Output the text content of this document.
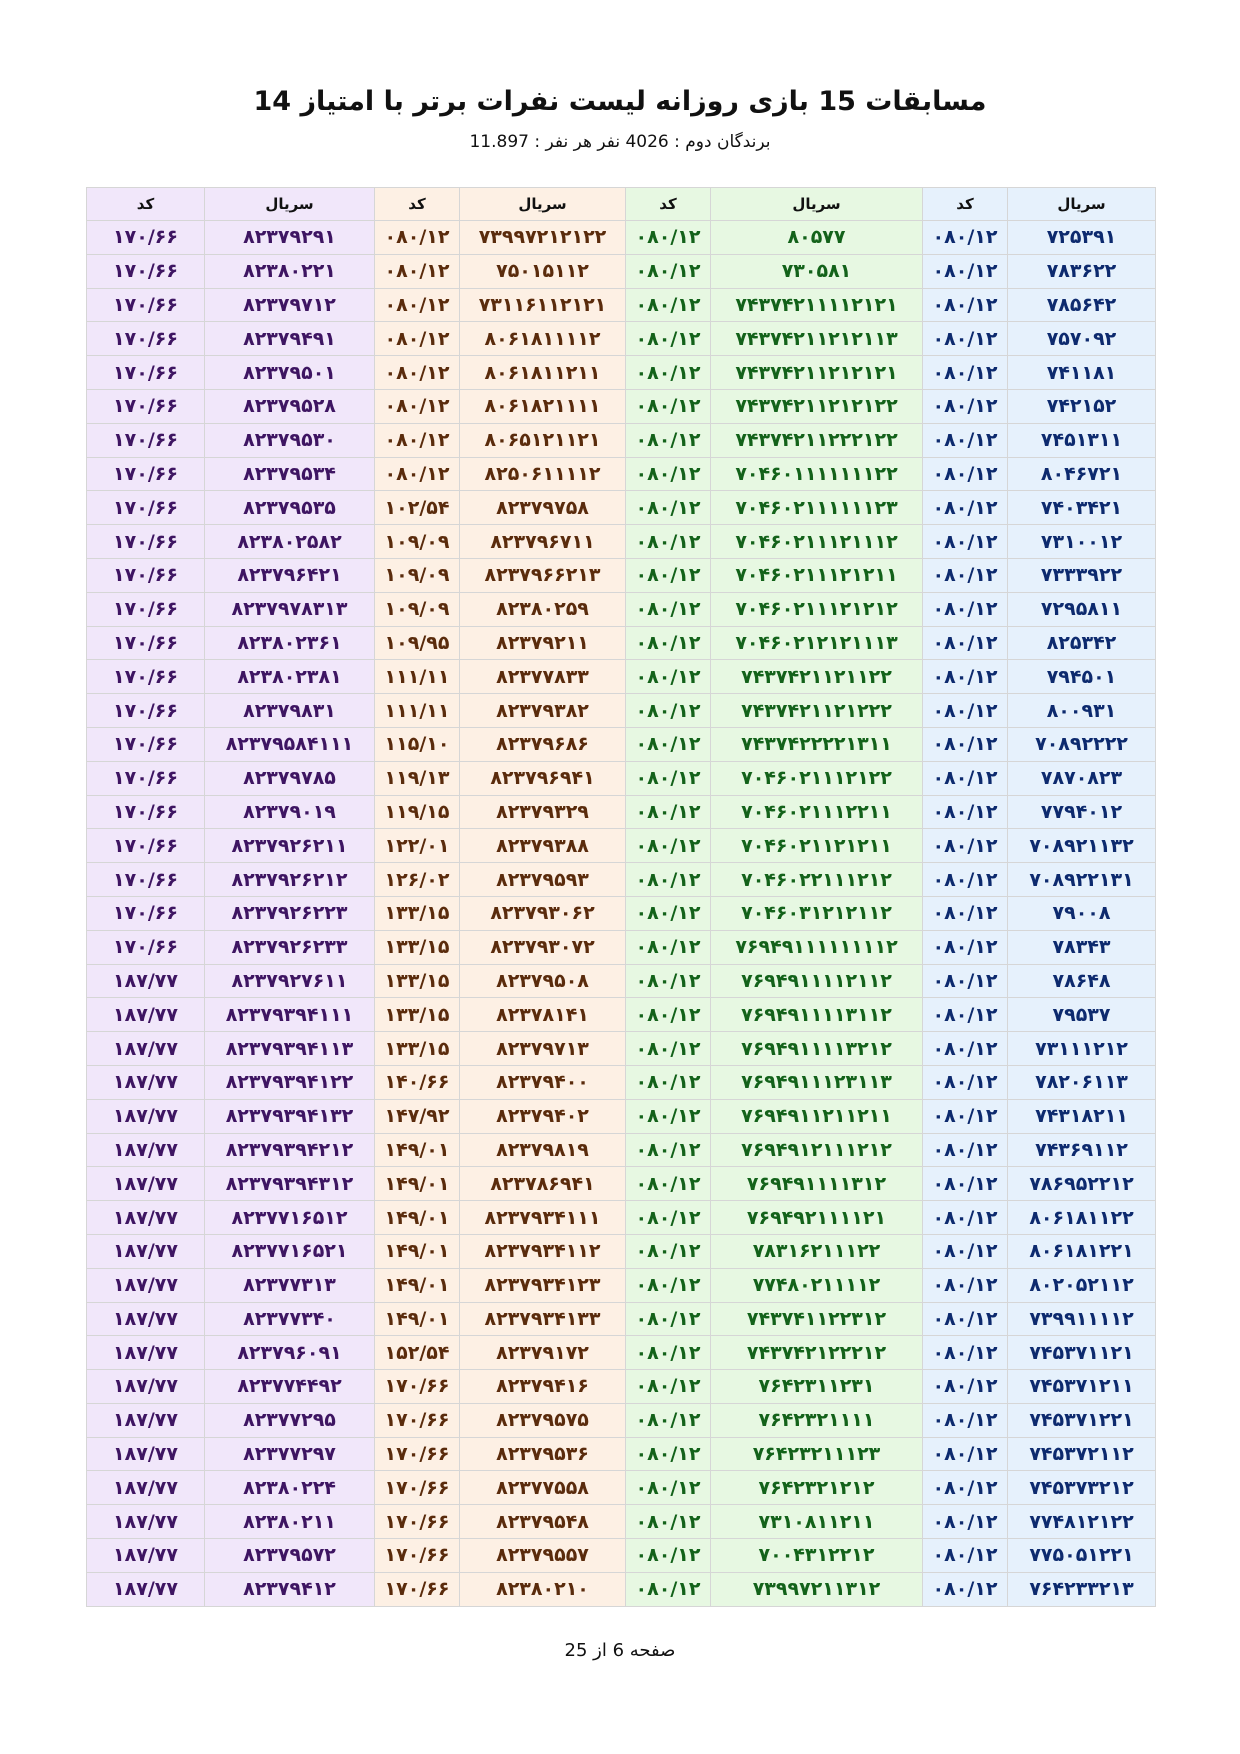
مسابقات 15 بازی روزانه لیست نفرات برتر با امتیاز 14
برندگان دوم : 4026 نفر هر نفر : 11.897
سریال	کد	سریال	کد	سریال	کد	سریال	کد
۷۲۵۳۹۱	۰۸۰/۱۲	۸۰۵۷۷	۰۸۰/۱۲	۷۳۹۹۷۲۱۲۱۲۲	۰۸۰/۱۲	۸۲۳۷۹۲۹۱	۱۷۰/۶۶
۷۸۳۶۲۲	۰۸۰/۱۲	۷۳۰۵۸۱	۰۸۰/۱۲	۷۵۰۱۵۱۱۲	۰۸۰/۱۲	۸۲۳۸۰۲۲۱	۱۷۰/۶۶
۷۸۵۶۴۲	۰۸۰/۱۲	۷۴۳۷۴۲۱۱۱۱۲۱۲۱	۰۸۰/۱۲	۷۳۱۱۶۱۱۲۱۲۱	۰۸۰/۱۲	۸۲۳۷۹۷۱۲	۱۷۰/۶۶
۷۵۷۰۹۲	۰۸۰/۱۲	۷۴۳۷۴۲۱۱۲۱۲۱۱۳	۰۸۰/۱۲	۸۰۶۱۸۱۱۱۱۲	۰۸۰/۱۲	۸۲۳۷۹۴۹۱	۱۷۰/۶۶
۷۴۱۱۸۱	۰۸۰/۱۲	۷۴۳۷۴۲۱۱۲۱۲۱۲۱	۰۸۰/۱۲	۸۰۶۱۸۱۱۲۱۱	۰۸۰/۱۲	۸۲۳۷۹۵۰۱	۱۷۰/۶۶
۷۴۲۱۵۲	۰۸۰/۱۲	۷۴۳۷۴۲۱۱۲۱۲۱۲۲	۰۸۰/۱۲	۸۰۶۱۸۲۱۱۱۱	۰۸۰/۱۲	۸۲۳۷۹۵۲۸	۱۷۰/۶۶
۷۴۵۱۳۱۱	۰۸۰/۱۲	۷۴۳۷۴۲۱۱۲۲۲۱۲۲	۰۸۰/۱۲	۸۰۶۵۱۲۱۱۲۱	۰۸۰/۱۲	۸۲۳۷۹۵۳۰	۱۷۰/۶۶
۸۰۴۶۷۲۱	۰۸۰/۱۲	۷۰۴۶۰۱۱۱۱۱۱۱۲۲	۰۸۰/۱۲	۸۲۵۰۶۱۱۱۱۲	۰۸۰/۱۲	۸۲۳۷۹۵۳۴	۱۷۰/۶۶
۷۴۰۳۴۲۱	۰۸۰/۱۲	۷۰۴۶۰۲۱۱۱۱۱۱۲۳	۰۸۰/۱۲	۸۲۳۷۹۷۵۸	۱۰۲/۵۴	۸۲۳۷۹۵۳۵	۱۷۰/۶۶
۷۳۱۰۰۱۲	۰۸۰/۱۲	۷۰۴۶۰۲۱۱۱۲۱۱۱۲	۰۸۰/۱۲	۸۲۳۷۹۶۷۱۱	۱۰۹/۰۹	۸۲۳۸۰۲۵۸۲	۱۷۰/۶۶
۷۳۳۳۹۲۲	۰۸۰/۱۲	۷۰۴۶۰۲۱۱۱۲۱۲۱۱	۰۸۰/۱۲	۸۲۳۷۹۶۶۲۱۳	۱۰۹/۰۹	۸۲۳۷۹۶۴۲۱	۱۷۰/۶۶
۷۲۹۵۸۱۱	۰۸۰/۱۲	۷۰۴۶۰۲۱۱۱۲۱۲۱۲	۰۸۰/۱۲	۸۲۳۸۰۲۵۹	۱۰۹/۰۹	۸۲۳۷۹۷۸۳۱۳	۱۷۰/۶۶
۸۲۵۳۴۲	۰۸۰/۱۲	۷۰۴۶۰۲۱۲۱۲۱۱۱۳	۰۸۰/۱۲	۸۲۳۷۹۲۱۱	۱۰۹/۹۵	۸۲۳۸۰۲۳۶۱	۱۷۰/۶۶
۷۹۴۵۰۱	۰۸۰/۱۲	۷۴۳۷۴۲۱۱۲۱۱۲۲	۰۸۰/۱۲	۸۲۳۷۷۸۳۳	۱۱۱/۱۱	۸۲۳۸۰۲۳۸۱	۱۷۰/۶۶
۸۰۰۹۳۱	۰۸۰/۱۲	۷۴۳۷۴۲۱۱۲۱۲۲۲	۰۸۰/۱۲	۸۲۳۷۹۳۸۲	۱۱۱/۱۱	۸۲۳۷۹۸۳۱	۱۷۰/۶۶
۷۰۸۹۲۲۲۲	۰۸۰/۱۲	۷۴۳۷۴۲۲۲۲۱۳۱۱	۰۸۰/۱۲	۸۲۳۷۹۶۸۶	۱۱۵/۱۰	۸۲۳۷۹۵۸۴۱۱۱	۱۷۰/۶۶
۷۸۷۰۸۲۳	۰۸۰/۱۲	۷۰۴۶۰۲۱۱۱۲۱۲۲	۰۸۰/۱۲	۸۲۳۷۹۶۹۴۱	۱۱۹/۱۳	۸۲۳۷۹۷۸۵	۱۷۰/۶۶
۷۷۹۴۰۱۲	۰۸۰/۱۲	۷۰۴۶۰۲۱۱۱۲۲۱۱	۰۸۰/۱۲	۸۲۳۷۹۳۲۹	۱۱۹/۱۵	۸۲۳۷۹۰۱۹	۱۷۰/۶۶
۷۰۸۹۲۱۱۳۲	۰۸۰/۱۲	۷۰۴۶۰۲۱۱۲۱۲۱۱	۰۸۰/۱۲	۸۲۳۷۹۳۸۸	۱۲۲/۰۱	۸۲۳۷۹۲۶۲۱۱	۱۷۰/۶۶
۷۰۸۹۲۲۱۳۱	۰۸۰/۱۲	۷۰۴۶۰۲۲۱۱۱۲۱۲	۰۸۰/۱۲	۸۲۳۷۹۵۹۳	۱۲۶/۰۲	۸۲۳۷۹۲۶۲۱۲	۱۷۰/۶۶
۷۹۰۰۸	۰۸۰/۱۲	۷۰۴۶۰۳۱۲۱۲۱۱۲	۰۸۰/۱۲	۸۲۳۷۹۳۰۶۲	۱۳۳/۱۵	۸۲۳۷۹۲۶۲۲۳	۱۷۰/۶۶
۷۸۳۴۳	۰۸۰/۱۲	۷۶۹۴۹۱۱۱۱۱۱۱۱۲	۰۸۰/۱۲	۸۲۳۷۹۳۰۷۲	۱۳۳/۱۵	۸۲۳۷۹۲۶۲۳۳	۱۷۰/۶۶
۷۸۶۴۸	۰۸۰/۱۲	۷۶۹۴۹۱۱۱۱۲۱۱۲	۰۸۰/۱۲	۸۲۳۷۹۵۰۸	۱۳۳/۱۵	۸۲۳۷۹۲۷۶۱۱	۱۸۷/۷۷
۷۹۵۳۷	۰۸۰/۱۲	۷۶۹۴۹۱۱۱۱۳۱۱۲	۰۸۰/۱۲	۸۲۳۷۸۱۴۱	۱۳۳/۱۵	۸۲۳۷۹۳۹۴۱۱۱	۱۸۷/۷۷
۷۳۱۱۱۲۱۲	۰۸۰/۱۲	۷۶۹۴۹۱۱۱۱۳۲۱۲	۰۸۰/۱۲	۸۲۳۷۹۷۱۳	۱۳۳/۱۵	۸۲۳۷۹۳۹۴۱۱۳	۱۸۷/۷۷
۷۸۲۰۶۱۱۳	۰۸۰/۱۲	۷۶۹۴۹۱۱۱۲۳۱۱۳	۰۸۰/۱۲	۸۲۳۷۹۴۰۰	۱۴۰/۶۶	۸۲۳۷۹۳۹۴۱۲۲	۱۸۷/۷۷
۷۴۳۱۸۲۱۱	۰۸۰/۱۲	۷۶۹۴۹۱۱۲۱۱۲۱۱	۰۸۰/۱۲	۸۲۳۷۹۴۰۲	۱۴۷/۹۲	۸۲۳۷۹۳۹۴۱۳۲	۱۸۷/۷۷
۷۴۳۶۹۱۱۲	۰۸۰/۱۲	۷۶۹۴۹۱۲۱۱۱۲۱۲	۰۸۰/۱۲	۸۲۳۷۹۸۱۹	۱۴۹/۰۱	۸۲۳۷۹۳۹۴۲۱۲	۱۸۷/۷۷
۷۸۶۹۵۲۲۱۲	۰۸۰/۱۲	۷۶۹۴۹۱۱۱۱۳۱۲	۰۸۰/۱۲	۸۲۳۷۸۶۹۴۱	۱۴۹/۰۱	۸۲۳۷۹۳۹۴۳۱۲	۱۸۷/۷۷
۸۰۶۱۸۱۱۲۲	۰۸۰/۱۲	۷۶۹۴۹۲۱۱۱۱۲۱	۰۸۰/۱۲	۸۲۳۷۹۳۴۱۱۱	۱۴۹/۰۱	۸۲۳۷۷۱۶۵۱۲	۱۸۷/۷۷
۸۰۶۱۸۱۲۲۱	۰۸۰/۱۲	۷۸۳۱۶۲۱۱۱۲۲	۰۸۰/۱۲	۸۲۳۷۹۳۴۱۱۲	۱۴۹/۰۱	۸۲۳۷۷۱۶۵۲۱	۱۸۷/۷۷
۸۰۲۰۵۲۱۱۲	۰۸۰/۱۲	۷۷۴۸۰۲۱۱۱۱۲	۰۸۰/۱۲	۸۲۳۷۹۳۴۱۲۳	۱۴۹/۰۱	۸۲۳۷۷۳۱۳	۱۸۷/۷۷
۷۳۹۹۱۱۱۱۲	۰۸۰/۱۲	۷۴۳۷۴۱۱۲۲۳۱۲	۰۸۰/۱۲	۸۲۳۷۹۳۴۱۳۳	۱۴۹/۰۱	۸۲۳۷۷۳۴۰	۱۸۷/۷۷
۷۴۵۳۷۱۱۲۱	۰۸۰/۱۲	۷۴۳۷۴۲۱۲۲۲۱۲	۰۸۰/۱۲	۸۲۳۷۹۱۷۲	۱۵۲/۵۴	۸۲۳۷۹۶۰۹۱	۱۸۷/۷۷
۷۴۵۳۷۱۲۱۱	۰۸۰/۱۲	۷۶۴۲۳۱۱۲۳۱	۰۸۰/۱۲	۸۲۳۷۹۴۱۶	۱۷۰/۶۶	۸۲۳۷۷۴۴۹۲	۱۸۷/۷۷
۷۴۵۳۷۱۲۲۱	۰۸۰/۱۲	۷۶۴۲۳۲۱۱۱۱	۰۸۰/۱۲	۸۲۳۷۹۵۷۵	۱۷۰/۶۶	۸۲۳۷۷۲۹۵	۱۸۷/۷۷
۷۴۵۳۷۲۱۱۲	۰۸۰/۱۲	۷۶۴۲۳۲۱۱۱۲۳	۰۸۰/۱۲	۸۲۳۷۹۵۳۶	۱۷۰/۶۶	۸۲۳۷۷۲۹۷	۱۸۷/۷۷
۷۴۵۳۷۳۲۱۲	۰۸۰/۱۲	۷۶۴۲۳۲۱۲۱۲	۰۸۰/۱۲	۸۲۳۷۷۵۵۸	۱۷۰/۶۶	۸۲۳۸۰۲۲۴	۱۸۷/۷۷
۷۷۴۸۱۲۱۲۲	۰۸۰/۱۲	۷۳۱۰۸۱۱۲۱۱	۰۸۰/۱۲	۸۲۳۷۹۵۴۸	۱۷۰/۶۶	۸۲۳۸۰۲۱۱	۱۸۷/۷۷
۷۷۵۰۵۱۲۲۱	۰۸۰/۱۲	۷۰۰۴۳۱۲۲۱۲	۰۸۰/۱۲	۸۲۳۷۹۵۵۷	۱۷۰/۶۶	۸۲۳۷۹۵۷۲	۱۸۷/۷۷
۷۶۴۲۳۳۲۱۳	۰۸۰/۱۲	۷۳۹۹۷۲۱۱۳۱۲	۰۸۰/۱۲	۸۲۳۸۰۲۱۰	۱۷۰/۶۶	۸۲۳۷۹۴۱۲	۱۸۷/۷۷
صفحه 6 از 25
